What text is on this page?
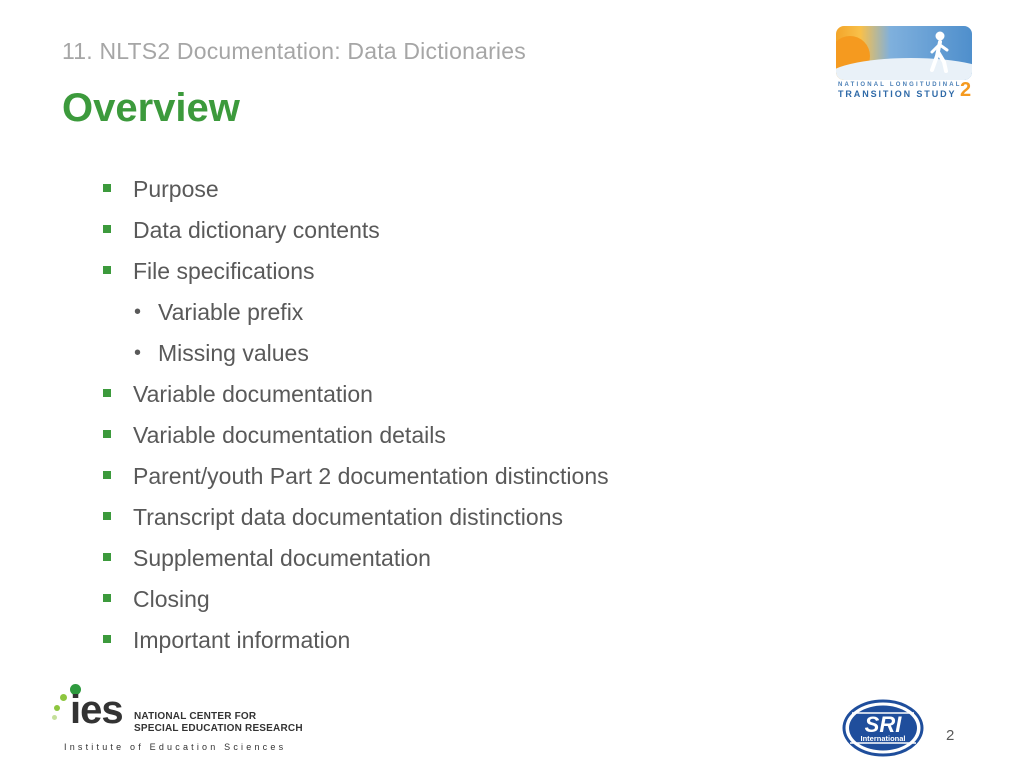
11. NLTS2 Documentation: Data Dictionaries
Overview
NATIONAL LONGITUDINAL
TRANSITION STUDY 2
Purpose
Data dictionary contents
File specifications
• Variable prefix
• Missing values
Variable documentation
Variable documentation details
Parent/youth Part 2 documentation distinctions
Transcript data documentation distinctions
Supplemental documentation
Closing
Important information
ies NATIONAL CENTER FOR
SPECIAL EDUCATION RESEARCH
Institute of Education Sciences
SRI
International	2
